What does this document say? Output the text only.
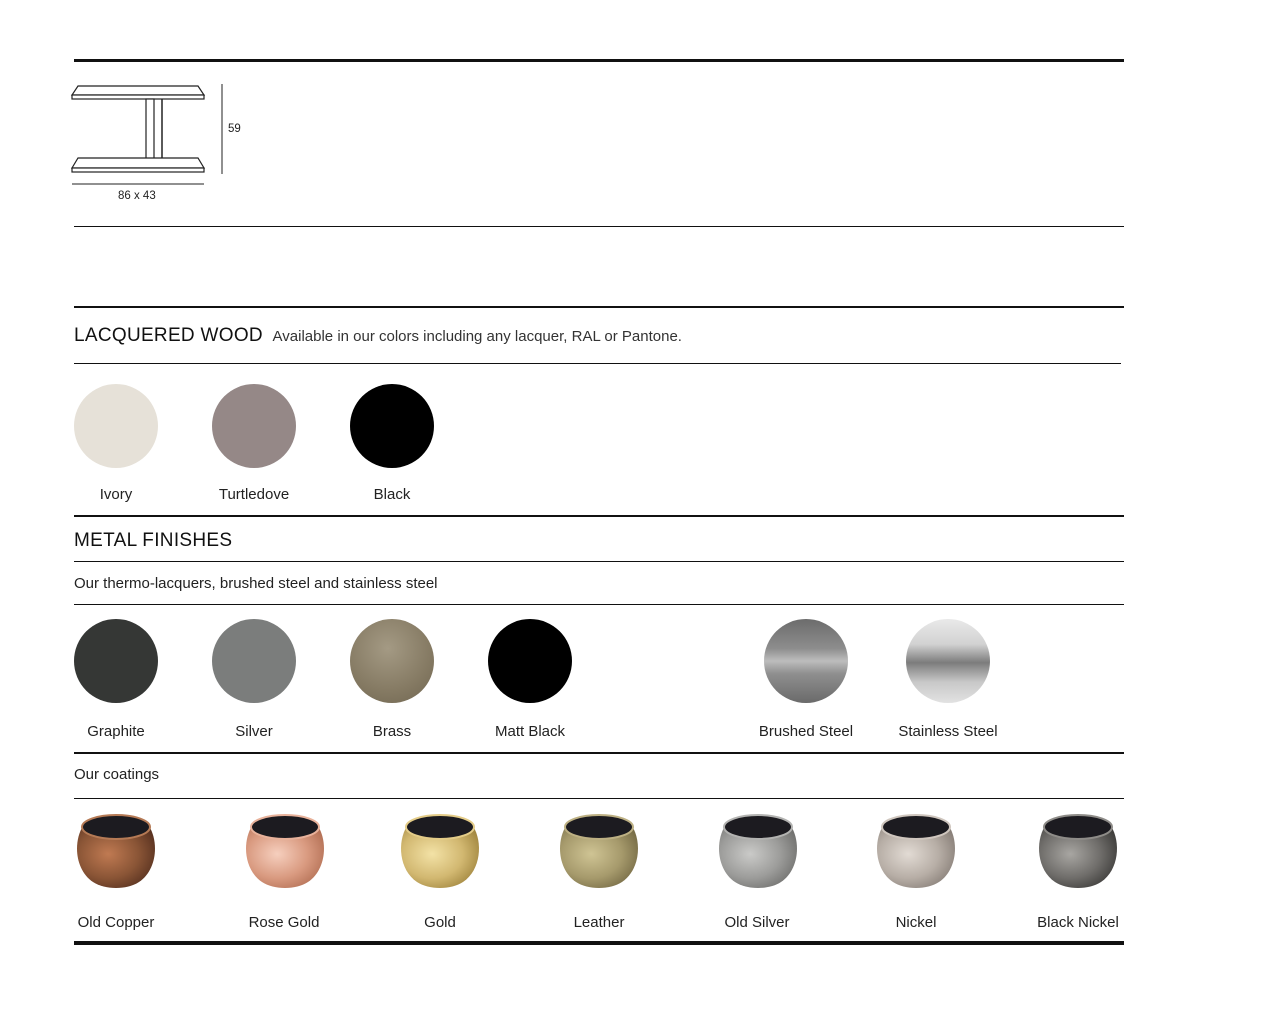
59
86 x 43
LACQUERED WOOD Available in our colors including any lacquer, RAL or Pantone.
Ivory	Turtledove	Black
METAL FINISHES
Our thermo-lacquers, brushed steel and stainless steel
Graphite	Silver	Brass	Matt Black	Brushed Steel	Stainless Steel
Our coatings
Old Copper	Rose Gold	Gold	Leather	Old Silver	Nickel	Black Nickel
